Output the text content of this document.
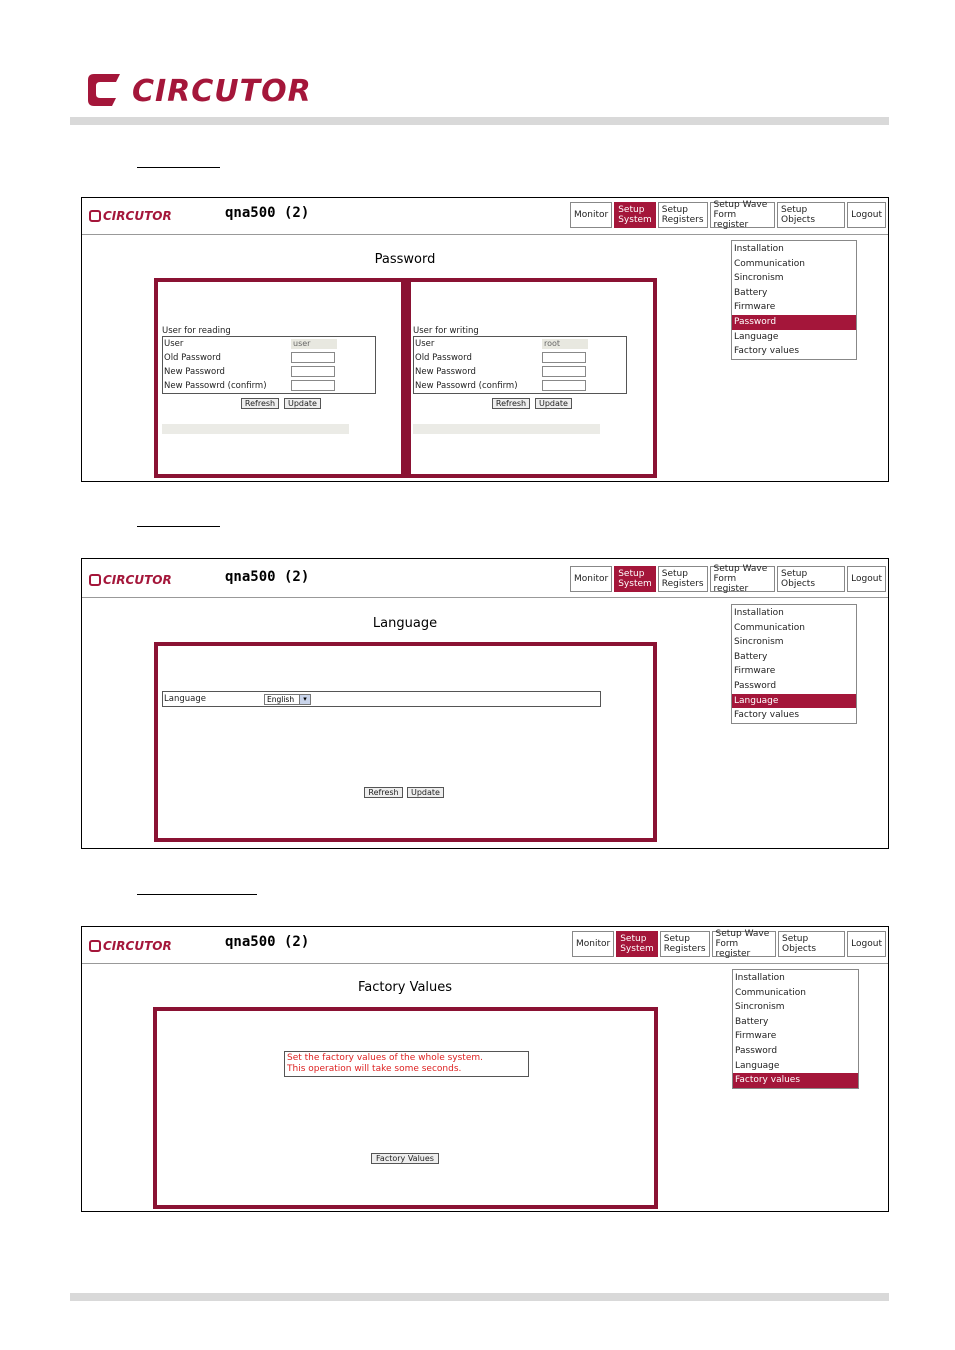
CIRCUTOR
CIRCUTOR	qna500 (2)	Monitor	Setup
System
Setup
Registers
Setup Wave
Form register
Setup Objects	Logout
Password
Installation
Communication
Sincronism
Battery
Firmware
Password
Language
Factory values
User for reading
User	user
Old Password
New Password
New Passowrd (confirm)
Refresh	Update
User for writing
User	root
Old Password
New Password
New Passowrd (confirm)
Refresh	Update
CIRCUTOR	qna500 (2)	Monitor	Setup
System
Setup
Registers
Setup Wave
Form register
Setup Objects	Logout
Language
Installation
Communication
Sincronism
Battery
Firmware
Password
Language
Factory values
Language	English	▾
Refresh	Update
CIRCUTOR	qna500 (2)	Monitor	Setup
System
Setup
Registers
Setup Wave
Form register
Setup Objects	Logout
Factory Values
Installation
Communication
Sincronism
Battery
Firmware
Password
Language
Factory values
Set the factory values of the whole system.
This operation will take some seconds.
Factory Values
